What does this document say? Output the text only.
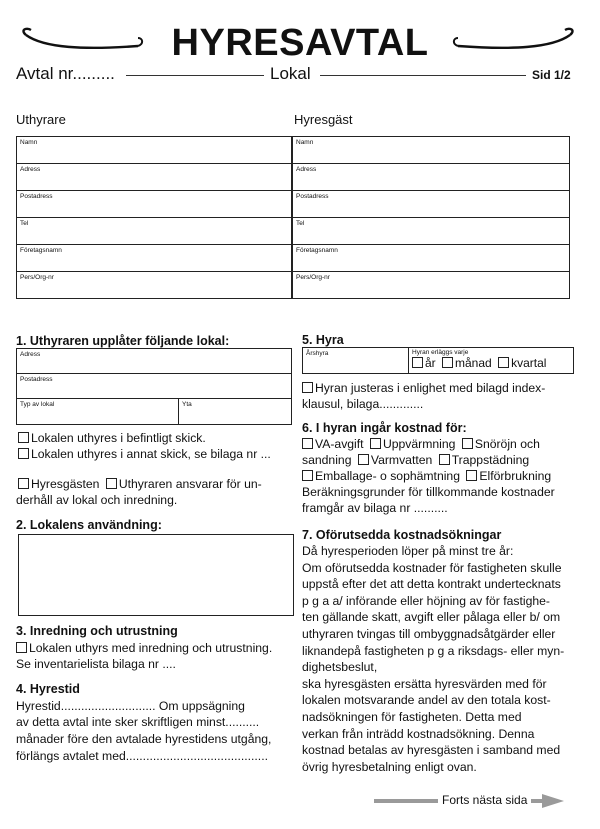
HYRESAVTAL
Avtal nr.........	Lokal	Sid 1/2
Uthyrare	Hyresgäst
Namn
Adress
Postadress
Tel
Företagsnamn
Pers/Org-nr
Namn
Adress
Postadress
Tel
Företagsnamn
Pers/Org-nr
1. Uthyraren upplåter följande lokal:
Adress
Postadress
Typ av lokal	Yta
Lokalen uthyres i befintligt skick.
Lokalen uthyres i annat skick, se bilaga nr ...
Hyresgästen Uthyraren ansvarar för un-
derhåll av lokal och inredning.
2. Lokalens användning:
3. Inredning och utrustning
Lokalen uthyrs med inredning och utrustning.
Se inventarielista bilaga nr ....
4. Hyrestid
Hyrestid............................ Om uppsägning
av detta avtal inte sker skriftligen minst..........
månader före den avtalade hyrestidens utgång,
förlängs avtalet med..........................................
5. Hyra
Årshyra	Hyran erläggs varje
år månad kvartal
Hyran justeras i enlighet med bilagd index-
klausul, bilaga.............
6. I hyran ingår kostnad för:
VA-avgift Uppvärmning Snöröjn och
sandning Varmvatten Trappstädning
Emballage- o sophämtning Elförbrukning
Beräkningsgrunder för tillkommande kostnader
framgår av bilaga nr ..........
7. Oförutsedda kostnadsökningar
Då hyresperioden löper på minst tre år:
Om oförutsedda kostnader för fastigheten skulle
uppstå efter det att detta kontrakt undertecknats
p g a a/ införande eller höjning av för fastighe-
ten gällande skatt, avgift eller pålaga eller b/ om
uthyraren tvingas till ombyggnadsåtgärder eller
liknandepå fastigheten p g a riksdags- eller myn-
dighetsbeslut,
ska hyresgästen ersätta hyresvärden med för
lokalen motsvarande andel av den totala kost-
nadsökningen för fastigheten. Detta med
verkan från inträdd kostnadsökning. Denna
kostnad betalas av hyresgästen i samband med
övrig hyresbetalning enligt ovan.
Forts nästa sida
